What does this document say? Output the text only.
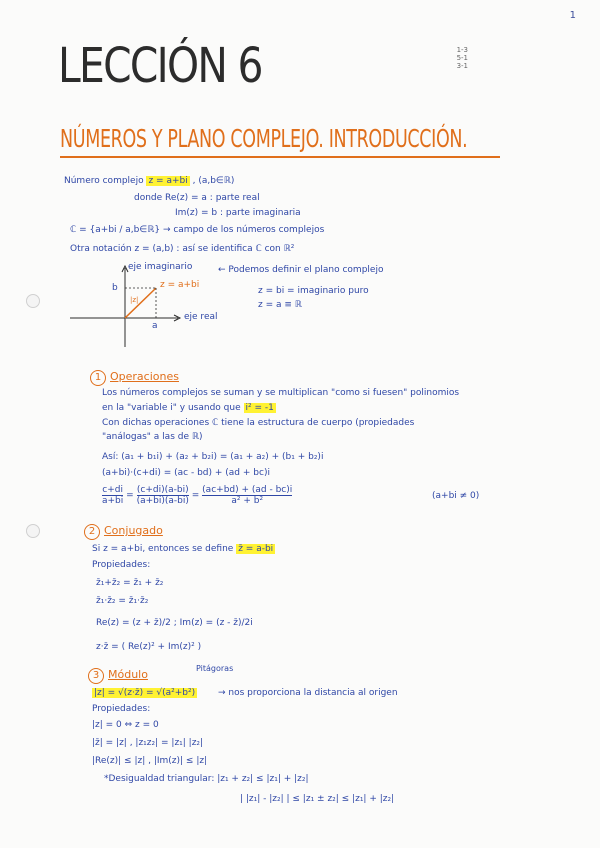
1
1-3
5-1
3-1
LECCIÓN 6
NÚMEROS Y PLANO COMPLEJO. INTRODUCCIÓN.
Número complejo z = a+bi , (a,b∈ℝ)
donde Re(z) = a : parte real
Im(z) = b : parte imaginaria
ℂ = {a+bi / a,b∈ℝ} → campo de los números complejos
Otra notación z = (a,b) : así se identifica ℂ con ℝ²
eje imaginario
eje real
z = a+bi
b
a
|z|
← Podemos definir el plano complejo
z = bi = imaginario puro
z = a ≡ ℝ
1 Operaciones
Los números complejos se suman y se multiplican "como si fuesen" polinomios
en la "variable i" y usando que i² = -1
Con dichas operaciones ℂ tiene la estructura de cuerpo (propiedades
"análogas" a las de ℝ)
Así: (a₁ + b₁i) + (a₂ + b₂i) = (a₁ + a₂) + (b₁ + b₂)i
(a+bi)·(c+di) = (ac - bd) + (ad + bc)i
$\frac{c+di}{a+bi} = \frac{(c+di)(a-bi)}{(a+bi)(a-bi)} = \frac{(ac+bd) + (ad - bc)i}{\text{a² + b²}}$	(a+bi ≠ 0)
2 Conjugado
Si z = a+bi, entonces se define z̄ = a-bi
Propiedades:
z̄₁+z̄₂ = z̄₁ + z̄₂
z̄₁·z̄₂ = z̄₁·z̄₂
Re(z) = (z + z̄)/2 ; Im(z) = (z - z̄)/2i
z·z̄ = ( Re(z)² + Im(z)² )
3 Módulo	Pitágoras
|z| = √(z·z̄) = √(a²+b²)	→ nos proporciona la distancia al origen
Propiedades:
|z| = 0 ⇔ z = 0
|z̄| = |z| , |z₁z₂| = |z₁| |z₂|
|Re(z)| ≤ |z| , |Im(z)| ≤ |z|
*Desigualdad triangular: |z₁ + z₂| ≤ |z₁| + |z₂|
| |z₁| - |z₂| | ≤ |z₁ ± z₂| ≤ |z₁| + |z₂|
